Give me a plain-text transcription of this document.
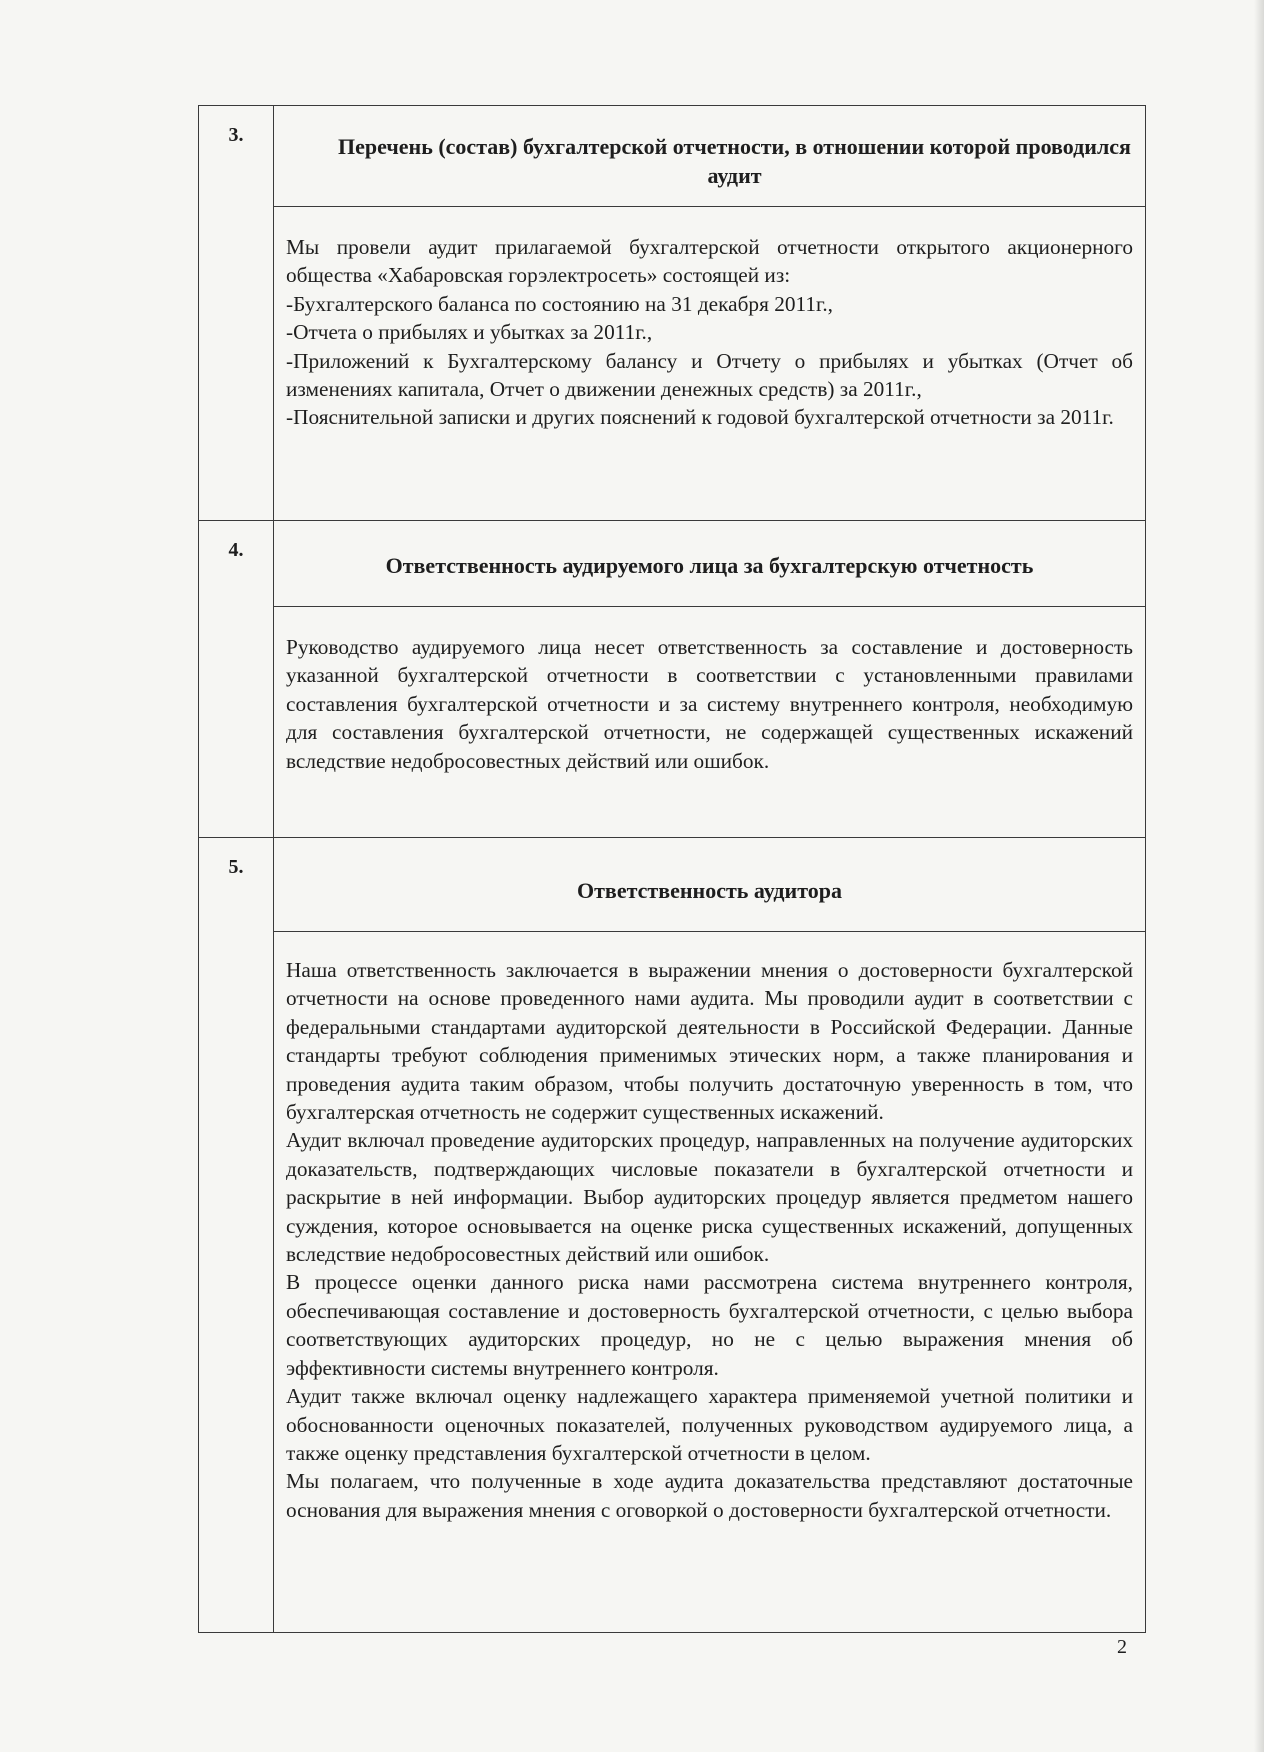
3.	Перечень (состав) бухгалтерской отчетности, в отношении которой проводился аудит

	Мы провели аудит прилагаемой бухгалтерской отчетности открытого акционерного общества «Хабаровская горэлектросеть» состоящей из:

-Бухгалтерского баланса по состоянию на 31 декабря 2011г.,

-Отчета о прибылях и убытках за 2011г.,

-Приложений к Бухгалтерскому балансу и Отчету о прибылях и убытках (Отчет об изменениях капитала, Отчет о движении денежных средств) за 2011г.,

-Пояснительной записки и других пояснений к годовой бухгалтерской отчетности за 2011г.

4.	Ответственность аудируемого лица за бухгалтерскую отчетность

	Руководство аудируемого лица несет ответственность за составление и достоверность указанной бухгалтерской отчетности в соответствии с установленными правилами составления бухгалтерской отчетности и за систему внутреннего контроля, необходимую для составления бухгалтерской отчетности, не содержащей существенных искажений вследствие недобросовестных действий или ошибок.

5.	Ответственность аудитора

	Наша ответственность заключается в выражении мнения о достоверности бухгалтерской отчетности на основе проведенного нами аудита. Мы проводили аудит в соответствии с федеральными стандартами аудиторской деятельности в Российской Федерации. Данные стандарты требуют соблюдения применимых этических норм, а также планирования и проведения аудита таким образом, чтобы получить достаточную уверенность в том, что бухгалтерская отчетность не содержит существенных искажений.

Аудит включал проведение аудиторских процедур, направленных на получение аудиторских доказательств, подтверждающих числовые показатели в бухгалтерской отчетности и раскрытие в ней информации. Выбор аудиторских процедур является предметом нашего суждения, которое основывается на оценке риска существенных искажений, допущенных вследствие недобросовестных действий или ошибок.

В процессе оценки данного риска нами рассмотрена система внутреннего контроля, обеспечивающая составление и достоверность бухгалтерской отчетности, с целью выбора соответствующих аудиторских процедур, но не с целью выражения мнения об эффективности системы внутреннего контроля.

Аудит также включал оценку надлежащего характера применяемой учетной политики и обоснованности оценочных показателей, полученных руководством аудируемого лица, а также оценку представления бухгалтерской отчетности в целом.

Мы полагаем, что полученные в ходе аудита доказательства представляют достаточные основания для выражения мнения с оговоркой о достоверности бухгалтерской отчетности.

2
